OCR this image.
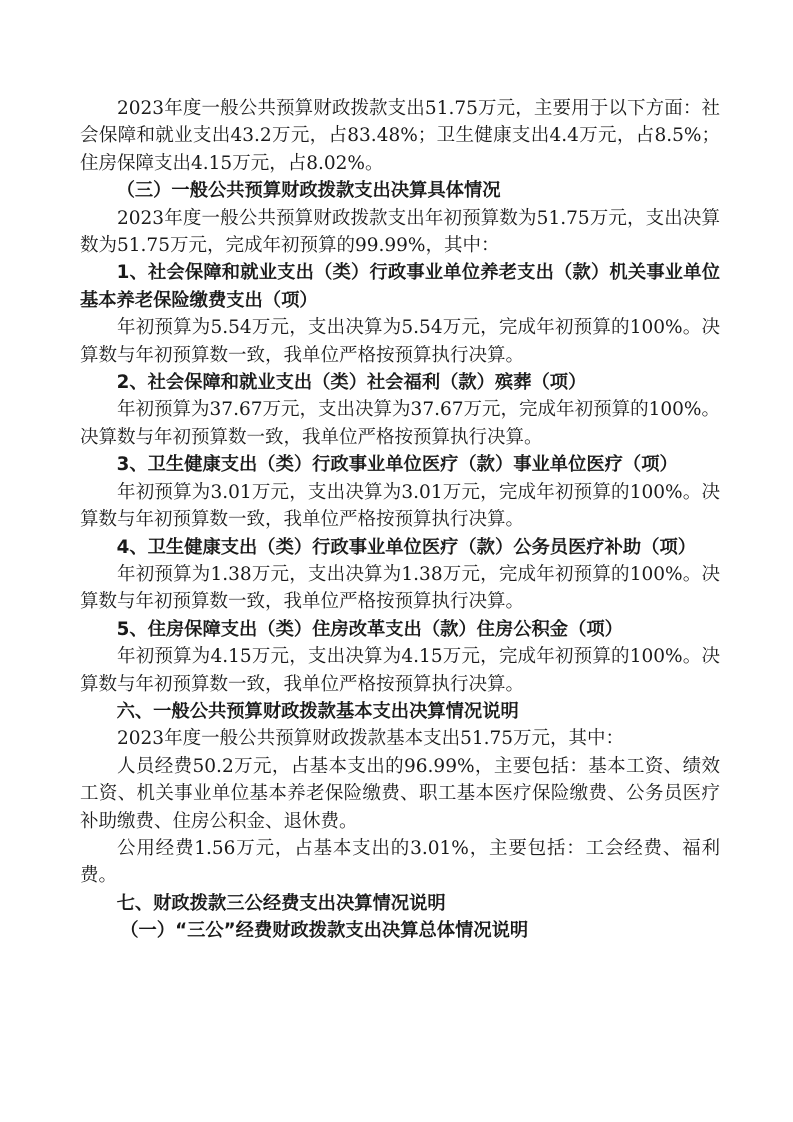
2023年度一般公共预算财政拨款支出51.75万元，主要用于以下方面：社会保障和就业支出43.2万元，占83.48%；卫生健康支出4.4万元，占8.5%；住房保障支出4.15万元，占8.02%。

（三）一般公共预算财政拨款支出决算具体情况

2023年度一般公共预算财政拨款支出年初预算数为51.75万元，支出决算数为51.75万元，完成年初预算的99.99%，其中：

1、社会保障和就业支出（类）行政事业单位养老支出（款）机关事业单位基本养老保险缴费支出（项）

年初预算为5.54万元，支出决算为5.54万元，完成年初预算的100%。决算数与年初预算数一致，我单位严格按预算执行决算。

2、社会保障和就业支出（类）社会福利（款）殡葬（项）

年初预算为37.67万元，支出决算为37.67万元，完成年初预算的100%。决算数与年初预算数一致，我单位严格按预算执行决算。

3、卫生健康支出（类）行政事业单位医疗（款）事业单位医疗（项）

年初预算为3.01万元，支出决算为3.01万元，完成年初预算的100%。决算数与年初预算数一致，我单位严格按预算执行决算。

4、卫生健康支出（类）行政事业单位医疗（款）公务员医疗补助（项）

年初预算为1.38万元，支出决算为1.38万元，完成年初预算的100%。决算数与年初预算数一致，我单位严格按预算执行决算。

5、住房保障支出（类）住房改革支出（款）住房公积金（项）

年初预算为4.15万元，支出决算为4.15万元，完成年初预算的100%。决算数与年初预算数一致，我单位严格按预算执行决算。

六、一般公共预算财政拨款基本支出决算情况说明

2023年度一般公共预算财政拨款基本支出51.75万元，其中：

人员经费50.2万元，占基本支出的96.99%，主要包括：基本工资、绩效工资、机关事业单位基本养老保险缴费、职工基本医疗保险缴费、公务员医疗补助缴费、住房公积金、退休费。

公用经费1.56万元，占基本支出的3.01%，主要包括：工会经费、福利费。

七、财政拨款三公经费支出决算情况说明

（一）“三公”经费财政拨款支出决算总体情况说明
